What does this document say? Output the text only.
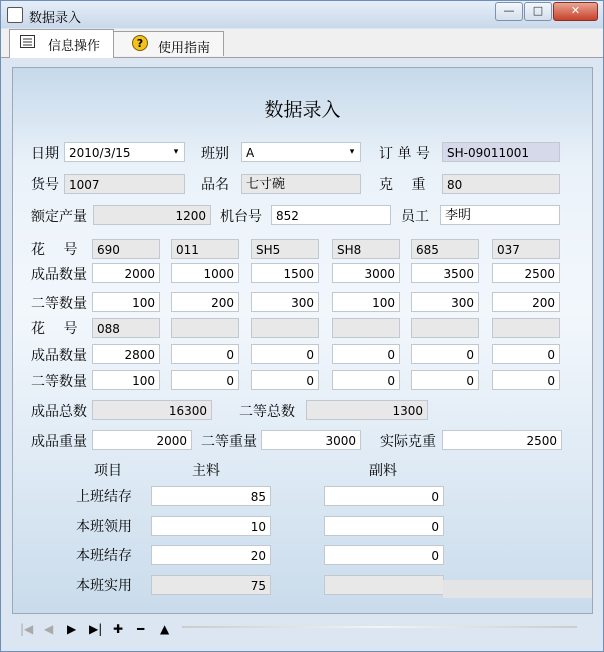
数据录入
—	□	✕
信息操作	? 使用指南
数据录入
日期 2010/3/15	▾ 班别	A	▾ 订 单 号	SH-09011001
货号 1007	品名	七寸碗	克　 重	80
额定产量	1200	机台号	852	员工	李明
花　 号	690	011	SH5	SH8	685	037
成品数量	2000	1000	1500	3000	3500	2500
二等数量	100	200	300	100	300	200
花　 号	088
成品数量	2800	0	0	0	0	0
二等数量	100	0	0	0	0	0
成品总数	16300	二等总数	1300
成品重量	2000	二等重量	3000	实际克重	2500
项目	主料	副料
上班结存	85	0
本班领用	10	0
本班结存	20	0
本班实用	75
|◀ ◀ ▶ ▶| ✚ ━ ▲
